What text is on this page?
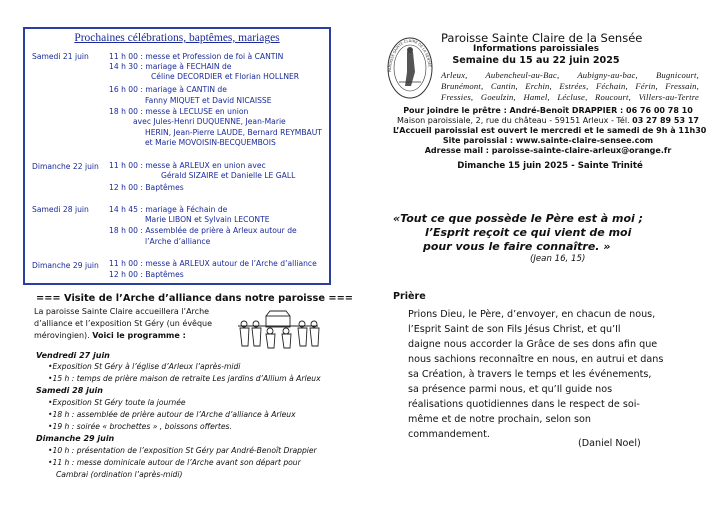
Prochaines célébrations, baptêmes, mariages
Samedi 21 juin	11 h 00 : messe et Profession de foi à CANTIN
14 h 30 : mariage à FECHAIN de
Céline DECORDIER et Florian HOLLNER
16 h 00 : mariage à CANTIN de
Fanny MIQUET et David NICAISSE
18 h 00 : messe à LECLUSE en union
avec Jules-Henri DUQUENNE, Jean-Marie
HERIN, Jean-Pierre LAUDE, Bernard REYMBAUT
et Marie MOVOISIN-BECQUEMBOIS
Dimanche 22 juin 11 h 00 : messe à ARLEUX en union avec
Gérald SIZAIRE et Danielle LE GALL
12 h 00 : Baptêmes
Samedi 28 juin	14 h 45 : mariage à Féchain de
Marie LIBON et Sylvain LECONTE
18 h 00 : Assemblée de prière à Arleux autour de
l’Arche d’alliance
Dimanche 29 juin 11 h 00 : messe à ARLEUX autour de l’Arche d’alliance
12 h 00 : Baptêmes
=== Visite de l’Arche d’alliance dans notre paroisse ===
La paroisse Sainte Claire accueillera l’Arche
d’alliance et l’exposition St Géry (un évêque
mérovingien). Voici le programme :
Vendredi 27 juin
•Exposition St Géry à l’église d’Arleux l’après-midi
•15 h : temps de prière maison de retraite Les jardins d’Allium à Arleux
Samedi 28 juin
•Exposition St Géry toute la journée
•18 h : assemblée de prière autour de l’Arche d’alliance à Arleux
•19 h : soirée « brochettes » , boissons offertes.
Dimanche 29 juin
•10 h : présentation de l’exposition St Géry par André-Benoît Drappier
•11 h : messe dominicale autour de l’Arche avant son départ pour
Cambrai (ordination l’après-midi)
PAROISSE SAINTE CLAIRE DE LA SENSÉE ·
Paroisse Sainte Claire de la Sensée
Informations paroissiales
Semaine du 15 au 22 juin 2025
Arleux, Aubencheul-au-Bac, Aubigny-au-bac, Bugnicourt,
Brunémont, Cantin, Erchin, Estrées, Féchain, Férin, Fressain,
Fressies, Goeulzin, Hamel, Lécluse, Roucourt, Villers-au-Tertre
Pour joindre le prêtre : André-Benoît DRAPPIER : 06 76 00 78 10
Maison paroissiale, 2, rue du château - 59151 Arleux - Tél. 03 27 89 53 17
L’Accueil paroissial est ouvert le mercredi et le samedi de 9h à 11h30
Site paroissial : www.sainte-claire-sensee.com
Adresse mail : paroisse-sainte-claire-arleux@orange.fr
Dimanche 15 juin 2025 - Sainte Trinité
«Tout ce que possède le Père est à moi ;
l’Esprit reçoit ce qui vient de moi
pour vous le faire connaître. »
(Jean 16, 15)
Prière
Prions Dieu, le Père, d’envoyer, en chacun de nous,
l’Esprit Saint de son Fils Jésus Christ, et qu’Il
daigne nous accorder la Grâce de ses dons afin que
nous sachions reconnaître en nous, en autrui et dans
sa Création, à travers le temps et les événements,
sa présence parmi nous, et qu’Il guide nos
réalisations quotidiennes dans le respect de soi-
même et de notre prochain, selon son
commandement.
(Daniel Noel)
